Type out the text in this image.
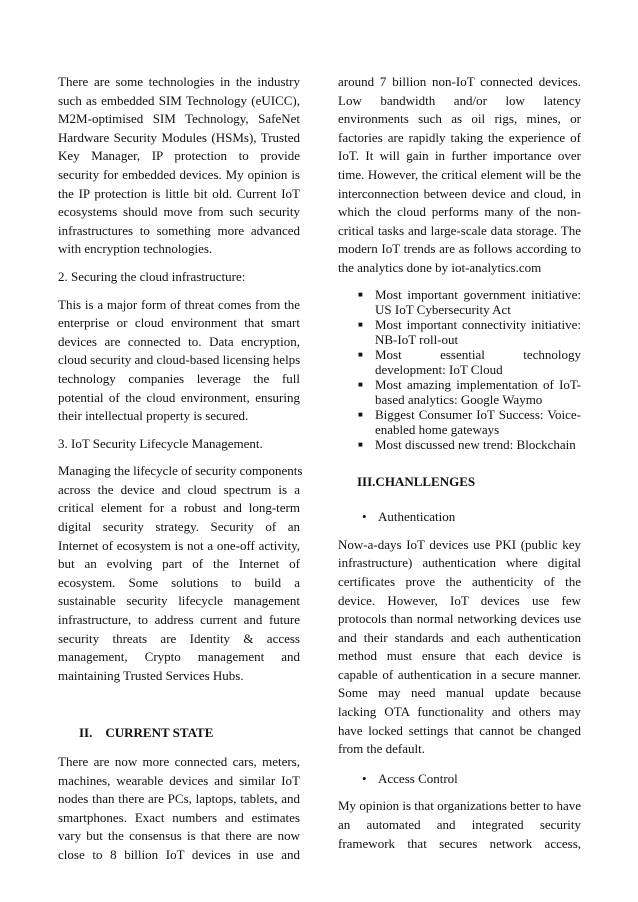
There are some technologies in the industry
such as embedded SIM Technology (eUICC),
M2M-optimised SIM Technology, SafeNet
Hardware Security Modules (HSMs), Trusted
Key Manager, IP protection to provide
security for embedded devices. My opinion is
the IP protection is little bit old. Current IoT
ecosystems should move from such security
infrastructures to something more advanced
with encryption technologies.

2. Securing the cloud infrastructure:

This is a major form of threat comes from the
enterprise or cloud environment that smart
devices are connected to. Data encryption,
cloud security and cloud-based licensing helps
technology companies leverage the full
potential of the cloud environment, ensuring
their intellectual property is secured.

3. IoT Security Lifecycle Management.

Managing the lifecycle of security components
across the device and cloud spectrum is a
critical element for a robust and long-term
digital security strategy. Security of an
Internet of ecosystem is not a one-off activity,
but an evolving part of the Internet of
ecosystem. Some solutions to build a
sustainable security lifecycle management
infrastructure, to address current and future
security threats are Identity & access
management, Crypto management and
maintaining Trusted Services Hubs.

II.    CURRENT STATE

There are now more connected cars, meters,
machines, wearable devices and similar IoT
nodes than there are PCs, laptops, tablets, and
smartphones. Exact numbers and estimates
vary but the consensus is that there are now
close to 8 billion IoT devices in use and
around 7 billion non-IoT connected devices.
Low bandwidth and/or low latency
environments such as oil rigs, mines, or
factories are rapidly taking the experience of
IoT. It will gain in further importance over
time. However, the critical element will be the
interconnection between device and cloud, in
which the cloud performs many of the non-
critical tasks and large-scale data storage. The
modern IoT trends are as follows according to
the analytics done by iot-analytics.com
■ Most important government initiative:
US IoT Cybersecurity Act
■ Most important connectivity initiative:
NB-IoT roll-out
■ Most essential technology
development: IoT Cloud
■ Most amazing implementation of IoT-
based analytics: Google Waymo
■ Biggest Consumer IoT Success: Voice-
enabled home gateways
■ Most discussed new trend: Blockchain

III.CHANLLENGES

• Authentication

Now-a-days IoT devices use PKI (public key
infrastructure) authentication where digital
certificates prove the authenticity of the
device. However, IoT devices use few
protocols than normal networking devices use
and their standards and each authentication
method must ensure that each device is
capable of authentication in a secure manner.
Some may need manual update because
lacking OTA functionality and others may
have locked settings that cannot be changed
from the default.

• Access Control

My opinion is that organizations better to have
an automated and integrated security
framework that secures network access,
